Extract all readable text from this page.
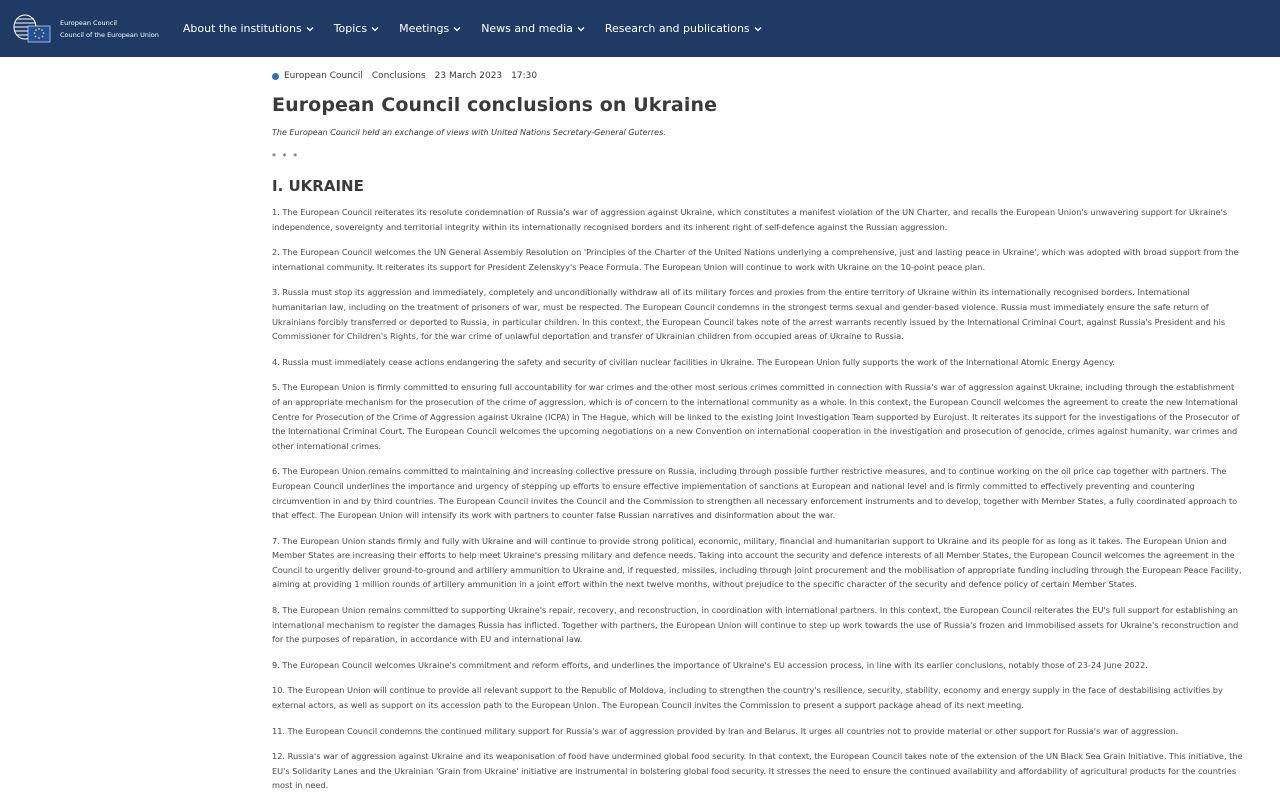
European Council
Council of the European Union About the institutions	Topics	Meetings	News and media	Research and publications
European Council Conclusions 23 March 2023 17:30
European Council conclusions on Ukraine

The European Council held an exchange of views with United Nations Secretary-General Guterres.

* * *

I. UKRAINE

1. The European Council reiterates its resolute condemnation of Russia's war of aggression against Ukraine, which constitutes a manifest violation of the UN Charter, and recalls the European Union's unwavering support for Ukraine's independence, sovereignty and territorial integrity within its internationally recognised borders and its inherent right of self-defence against the Russian aggression.

2. The European Council welcomes the UN General Assembly Resolution on 'Principles of the Charter of the United Nations underlying a comprehensive, just and lasting peace in Ukraine', which was adopted with broad support from the international community. It reiterates its support for President Zelenskyy's Peace Formula. The European Union will continue to work with Ukraine on the 10-point peace plan.

3. Russia must stop its aggression and immediately, completely and unconditionally withdraw all of its military forces and proxies from the entire territory of Ukraine within its internationally recognised borders. International humanitarian law, including on the treatment of prisoners of war, must be respected. The European Council condemns in the strongest terms sexual and gender-based violence. Russia must immediately ensure the safe return of Ukrainians forcibly transferred or deported to Russia, in particular children. In this context, the European Council takes note of the arrest warrants recently issued by the International Criminal Court, against Russia's President and his Commissioner for Children's Rights, for the war crime of unlawful deportation and transfer of Ukrainian children from occupied areas of Ukraine to Russia.

4. Russia must immediately cease actions endangering the safety and security of civilian nuclear facilities in Ukraine. The European Union fully supports the work of the International Atomic Energy Agency.

5. The European Union is firmly committed to ensuring full accountability for war crimes and the other most serious crimes committed in connection with Russia's war of aggression against Ukraine, including through the establishment of an appropriate mechanism for the prosecution of the crime of aggression, which is of concern to the international community as a whole. In this context, the European Council welcomes the agreement to create the new International Centre for Prosecution of the Crime of Aggression against Ukraine (ICPA) in The Hague, which will be linked to the existing Joint Investigation Team supported by Eurojust. It reiterates its support for the investigations of the Prosecutor of the International Criminal Court. The European Council welcomes the upcoming negotiations on a new Convention on international cooperation in the investigation and prosecution of genocide, crimes against humanity, war crimes and other international crimes.

6. The European Union remains committed to maintaining and increasing collective pressure on Russia, including through possible further restrictive measures, and to continue working on the oil price cap together with partners. The European Council underlines the importance and urgency of stepping up efforts to ensure effective implementation of sanctions at European and national level and is firmly committed to effectively preventing and countering circumvention in and by third countries. The European Council invites the Council and the Commission to strengthen all necessary enforcement instruments and to develop, together with Member States, a fully coordinated approach to that effect. The European Union will intensify its work with partners to counter false Russian narratives and disinformation about the war.

7. The European Union stands firmly and fully with Ukraine and will continue to provide strong political, economic, military, financial and humanitarian support to Ukraine and its people for as long as it takes. The European Union and Member States are increasing their efforts to help meet Ukraine's pressing military and defence needs. Taking into account the security and defence interests of all Member States, the European Council welcomes the agreement in the Council to urgently deliver ground-to-ground and artillery ammunition to Ukraine and, if requested, missiles, including through joint procurement and the mobilisation of appropriate funding including through the European Peace Facility, aiming at providing 1 million rounds of artillery ammunition in a joint effort within the next twelve months, without prejudice to the specific character of the security and defence policy of certain Member States.

8. The European Union remains committed to supporting Ukraine's repair, recovery, and reconstruction, in coordination with international partners. In this context, the European Council reiterates the EU's full support for establishing an international mechanism to register the damages Russia has inflicted. Together with partners, the European Union will continue to step up work towards the use of Russia's frozen and immobilised assets for Ukraine's reconstruction and for the purposes of reparation, in accordance with EU and international law.

9. The European Council welcomes Ukraine's commitment and reform efforts, and underlines the importance of Ukraine's EU accession process, in line with its earlier conclusions, notably those of 23-24 June 2022.

10. The European Union will continue to provide all relevant support to the Republic of Moldova, including to strengthen the country's resilience, security, stability, economy and energy supply in the face of destabilising activities by external actors, as well as support on its accession path to the European Union. The European Council invites the Commission to present a support package ahead of its next meeting.

11. The European Council condemns the continued military support for Russia's war of aggression provided by Iran and Belarus. It urges all countries not to provide material or other support for Russia's war of aggression.

12. Russia's war of aggression against Ukraine and its weaponisation of food have undermined global food security. In that context, the European Council takes note of the extension of the UN Black Sea Grain Initiative. This initiative, the EU's Solidarity Lanes and the Ukrainian 'Grain from Ukraine' initiative are instrumental in bolstering global food security. It stresses the need to ensure the continued availability and affordability of agricultural products for the countries most in need.
